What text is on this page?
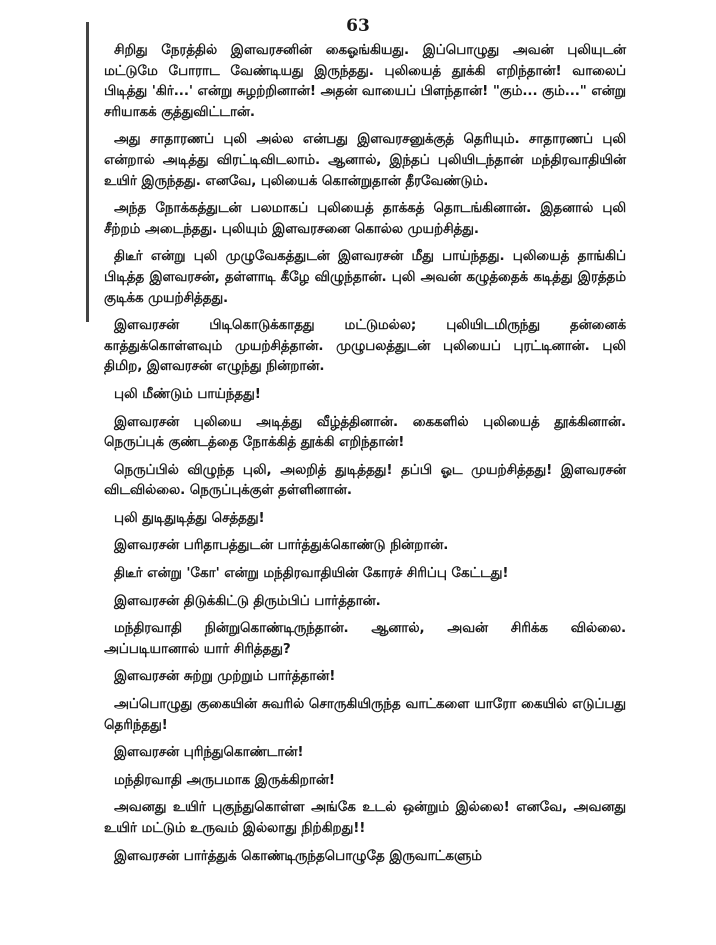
63

சிறிது நேரத்தில் இளவரசனின் கைஓங்கியது. இப்பொழுது அவன் புலியுடன் மட்டுமே போராட வேண்டியது இருந்தது. புலியைத் தூக்கி எறிந்தான்! வாலைப் பிடித்து 'கிர்...' என்று சுழற்றினான்! அதன் வாயைப் பிளந்தான்! "கும்... கும்..." என்று சரியாகக் குத்துவிட்டான்.

அது சாதாரணப் புலி அல்ல என்பது இளவரசனுக்குத் தெரியும். சாதாரணப் புலி என்றால் அடித்து விரட்டிவிடலாம். ஆனால், இந்தப் புலியிடந்தான் மந்திரவாதியின் உயிர் இருந்தது. எனவே, புலியைக் கொன்றுதான் தீரவேண்டும்.

அந்த நோக்கத்துடன் பலமாகப் புலியைத் தாக்கத் தொடங்கினான். இதனால் புலி சீற்றம் அடைந்தது. புலியும் இளவரசனை கொல்ல முயற்சித்து.

திடீர் என்று புலி முழுவேகத்துடன் இளவரசன் மீது பாய்ந்தது. புலியைத் தாங்கிப் பிடித்த இளவரசன், தள்ளாடி கீழே விழுந்தான். புலி அவன் கழுத்தைக் கடித்து இரத்தம் குடிக்க முயற்சித்தது.

இளவரசன் பிடிகொடுக்காதது மட்டுமல்ல; புலியிடமிருந்து தன்னைக் காத்துக்கொள்ளவும் முயற்சித்தான். முழுபலத்துடன் புலியைப் புரட்டினான். புலி திமிற, இளவரசன் எழுந்து நின்றான்.

புலி மீண்டும் பாய்ந்தது!

இளவரசன் புலியை அடித்து வீழ்த்தினான். கைகளில் புலியைத் தூக்கினான். நெருப்புக் குண்டத்தை நோக்கித் தூக்கி எறிந்தான்!

நெருப்பில் விழுந்த புலி, அலறித் துடித்தது! தப்பி ஓட முயற்சித்தது! இளவரசன் விடவில்லை. நெருப்புக்குள் தள்ளினான்.

புலி துடிதுடித்து செத்தது!

இளவரசன் பரிதாபத்துடன் பார்த்துக்கொண்டு நின்றான்.

திடீர் என்று 'கோ' என்று மந்திரவாதியின் கோரச் சிரிப்பு கேட்டது!

இளவரசன் திடுக்கிட்டு திரும்பிப் பார்த்தான்.

மந்திரவாதி நின்றுகொண்டிருந்தான். ஆனால், அவன் சிரிக்க வில்லை. அப்படியானால் யார் சிரித்தது?

இளவரசன் சுற்று முற்றும் பார்த்தான்!

அப்பொழுது குகையின் சுவரில் சொருகியிருந்த வாட்களை யாரோ கையில் எடுப்பது தெரிந்தது!

இளவரசன் புரிந்துகொண்டான்!

மந்திரவாதி அருபமாக இருக்கிறான்!

அவனது உயிர் புகுந்துகொள்ள அங்கே உடல் ஒன்றும் இல்லை! எனவே, அவனது உயிர் மட்டும் உருவம் இல்லாது நிற்கிறது!!

இளவரசன் பார்த்துக் கொண்டிருந்தபொழுதே இருவாட்களும்
